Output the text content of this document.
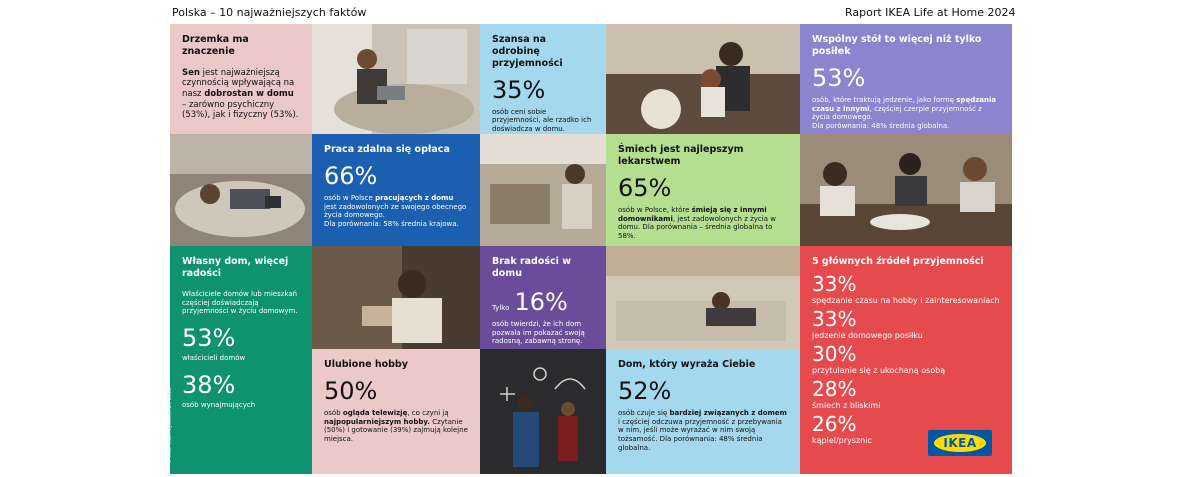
Polska – 10 najważniejszych faktów	Raport IKEA Life at Home 2024
Drzemka ma znaczenie
Sen jest najważniejszą czynnością wpływającą na nasz dobrostan w domu – zarówno psychiczny (53%), jak i fizyczny (53%).
Szansa na odrobinę przyjemności
35%
osób ceni sobie przyjemności, ale rzadko ich doświadcza w domu.
Wspólny stół to więcej niż tylko posiłek
53%
osób, które traktują jedzenie, jako formę spędzania czasu z innymi, częściej czerpie przyjemność z życia domowego.
Dla porównania: 48% średnia globalna.
Praca zdalna się opłaca
66%
osób w Polsce pracujących z domu jest zadowolonych ze swojego obecnego życia domowego.
Dla porównania: 58% średnia krajowa.
Śmiech jest najlepszym lekarstwem
65%
osób w Polsce, które śmieją się z innymi domownikami, jest zadowolonych z życia w domu. Dla porównania – średnia globalna to 58%.
Własny dom, więcej radości
Właściciele domów lub mieszkań częściej doświadczają przyjemności w życiu domowym.
53%
właścicieli domów
38%
osób wynajmujących
© Inter IKEA Systems BV 2025
Brak radości w domu
Tylko 16%
osób twierdzi, że ich dom pozwala im pokazać swoją radosną, zabawną stronę.
5 głównych źródeł przyjemności
33%
spędzanie czasu na hobby i zainteresowaniach
33%
jedzenie domowego posiłku
30%
przytulanie się z ukochaną osobą
28%
śmiech z bliskimi
26%
kąpiel/prysznic	IKEA
Ulubione hobby
50%
osób ogląda telewizję, co czyni ją najpopularniejszym hobby. Czytanie (50%) i gotowanie (39%) zajmują kolejne miejsca.
Dom, który wyraża Ciebie
52%
osób czuje się bardziej związanych z domem i częściej odczuwa przyjemność z przebywania w nim, jeśli może wyrażać w nim swoją tożsamość. Dla porównania: 48% średnia globalna.
